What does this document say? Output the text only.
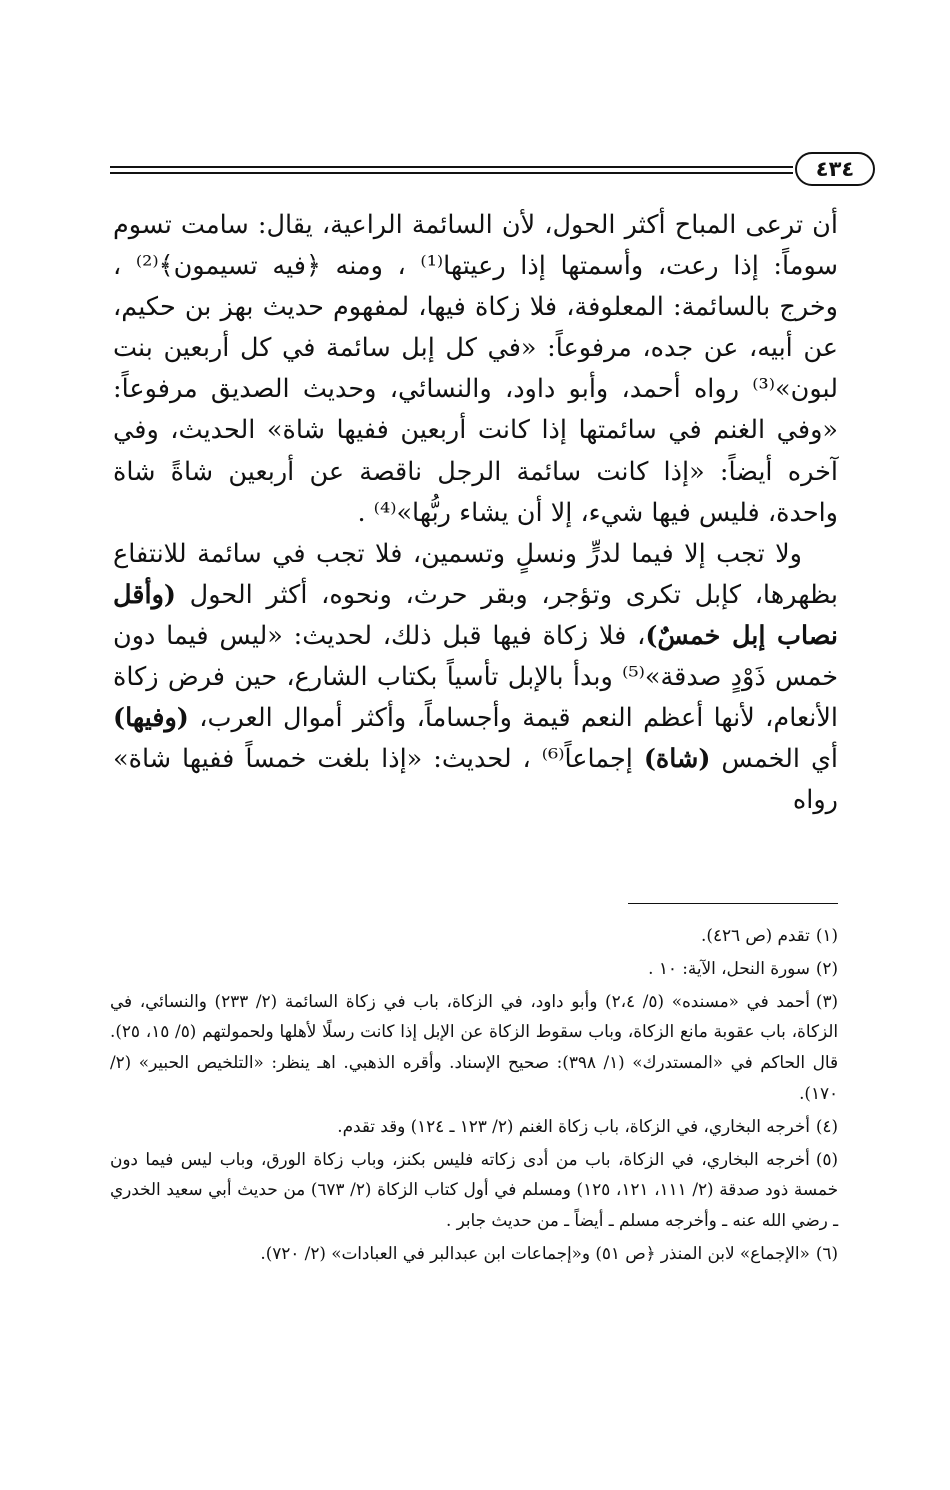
٤٣٤

أن ترعى المباح أكثر الحول، لأن السائمة الراعية، يقال: سامت تسوم سوماً: إذا رعت، وأسمتها إذا رعيتها⁽¹⁾ ، ومنه ﴿فيه تسيمون﴾⁽²⁾ ، وخرج بالسائمة: المعلوفة، فلا زكاة فيها، لمفهوم حديث بهز بن حكيم، عن أبيه، عن جده، مرفوعاً: «في كل إبل سائمة في كل أربعين بنت لبون»⁽³⁾ رواه أحمد، وأبو داود، والنسائي، وحديث الصديق مرفوعاً: «وفي الغنم في سائمتها إذا كانت أربعين ففيها شاة» الحديث، وفي آخره أيضاً: «إذا كانت سائمة الرجل ناقصة عن أربعين شاةً شاة واحدة، فليس فيها شيء، إلا أن يشاء ربُّها»⁽⁴⁾ .

ولا تجب إلا فيما لدرٍّ ونسلٍ وتسمين، فلا تجب في سائمة للانتفاع بظهرها، كإبل تكرى وتؤجر، وبقر حرث، ونحوه، أكثر الحول (وأقل نصاب إبل خمسٌ)، فلا زكاة فيها قبل ذلك، لحديث: «ليس فيما دون خمس ذَوْدٍ صدقة»⁽⁵⁾ وبدأ بالإبل تأسياً بكتاب الشارع، حين فرض زكاة الأنعام، لأنها أعظم النعم قيمة وأجساماً، وأكثر أموال العرب، (وفيها) أي الخمس (شاة) إجماعاً⁽⁶⁾ ، لحديث: «إذا بلغت خمساً ففيها شاة» رواه

(١)تقدم (ص ٤٢٦).

(٢)سورة النحل، الآية: ١٠ .

(٣)أحمد في «مسنده» (٥/ ٢،٤) وأبو داود، في الزكاة، باب في زكاة السائمة (٢/ ٢٣٣) والنسائي، في الزكاة، باب عقوبة مانع الزكاة، وباب سقوط الزكاة عن الإبل إذا كانت رسلًا لأهلها ولحمولتهم (٥/ ١٥، ٢٥). قال الحاكم في «المستدرك» (١/ ٣٩٨): صحيح الإسناد. وأقره الذهبي. اهـ ينظر: «التلخيص الحبير» (٢/ ١٧٠).

(٤)أخرجه البخاري، في الزكاة، باب زكاة الغنم (٢/ ١٢٣ ـ ١٢٤) وقد تقدم.

(٥)أخرجه البخاري، في الزكاة، باب من أدى زكاته فليس بكنز، وباب زكاة الورق، وباب ليس فيما دون خمسة ذود صدقة (٢/ ١١١، ١٢١، ١٢٥) ومسلم في أول كتاب الزكاة (٢/ ٦٧٣) من حديث أبي سعيد الخدري ـ رضي الله عنه ـ وأخرجه مسلم ـ أيضاً ـ من حديث جابر .

(٦)«الإجماع» لابن المنذر ﴿ص ٥١) و«إجماعات ابن عبدالبر في العبادات» (٢/ ٧٢٠).
